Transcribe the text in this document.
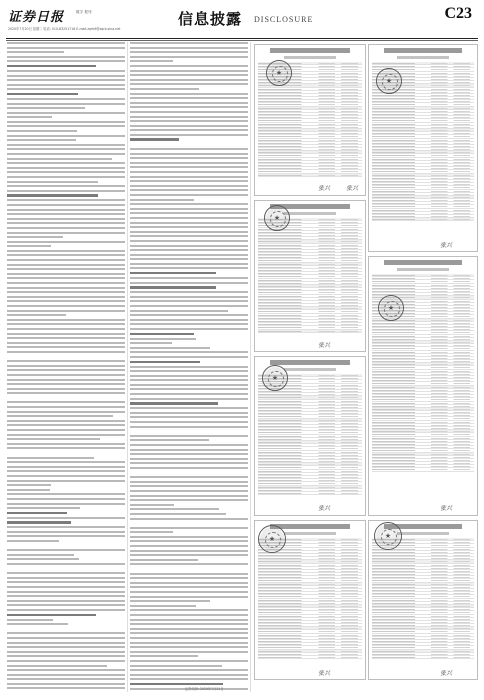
证券日报	数字 报刊
2020年7月20日 星期二 电话: 010-83251716 E-mail:zqrb9@zqrb.sina.net
信息披露 DISCLOSURE	C23
★
★
★
★
★
★
★
张兴	张兴
张兴
张兴
张兴	张兴
张兴	张兴
证券代码: 2020年7月21日
